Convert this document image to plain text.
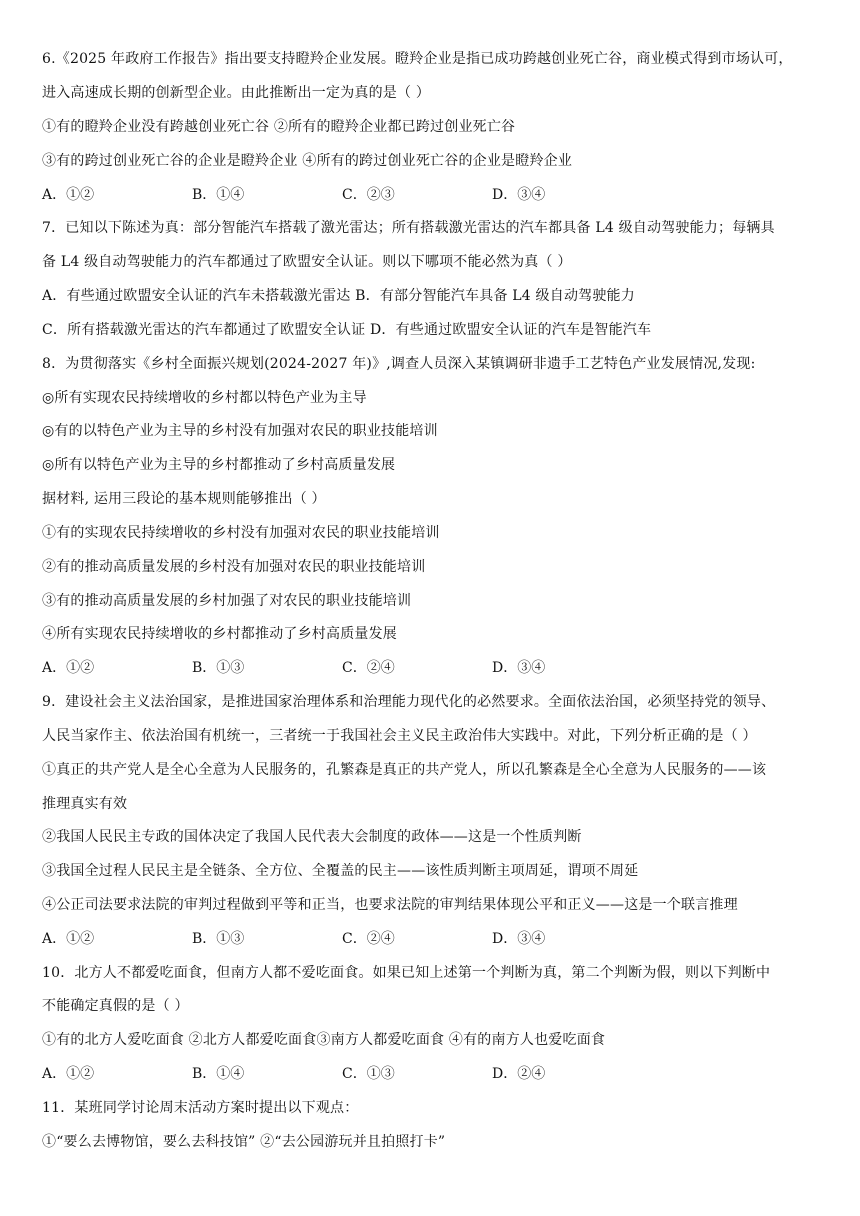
6.《2025 年政府工作报告》指出要支持瞪羚企业发展。瞪羚企业是指已成功跨越创业死亡谷，商业模式得到市场认可，
进入高速成长期的创新型企业。由此推断出一定为真的是（ ）
①有的瞪羚企业没有跨越创业死亡谷 ②所有的瞪羚企业都已跨过创业死亡谷
③有的跨过创业死亡谷的企业是瞪羚企业 ④所有的跨过创业死亡谷的企业是瞪羚企业
A．①②	B．①④	C．②③	D．③④
7．已知以下陈述为真：部分智能汽车搭载了激光雷达；所有搭载激光雷达的汽车都具备 L4 级自动驾驶能力；每辆具
备 L4 级自动驾驶能力的汽车都通过了欧盟安全认证。则以下哪项不能必然为真（ ）
A．有些通过欧盟安全认证的汽车未搭载激光雷达 B．有部分智能汽车具备 L4 级自动驾驶能力
C．所有搭载激光雷达的汽车都通过了欧盟安全认证 D．有些通过欧盟安全认证的汽车是智能汽车
8．为贯彻落实《乡村全面振兴规划(2024-2027 年)》,调查人员深入某镇调研非遗手工艺特色产业发展情况,发现:
◎所有实现农民持续增收的乡村都以特色产业为主导
◎有的以特色产业为主导的乡村没有加强对农民的职业技能培训
◎所有以特色产业为主导的乡村都推动了乡村高质量发展
据材料, 运用三段论的基本规则能够推出（ ）
①有的实现农民持续增收的乡村没有加强对农民的职业技能培训
②有的推动高质量发展的乡村没有加强对农民的职业技能培训
③有的推动高质量发展的乡村加强了对农民的职业技能培训
④所有实现农民持续增收的乡村都推动了乡村高质量发展
A．①②	B．①③	C．②④	D．③④
9．建设社会主义法治国家，是推进国家治理体系和治理能力现代化的必然要求。全面依法治国，必须坚持党的领导、
人民当家作主、依法治国有机统一，三者统一于我国社会主义民主政治伟大实践中。对此，下列分析正确的是（ ）
①真正的共产党人是全心全意为人民服务的，孔繁森是真正的共产党人，所以孔繁森是全心全意为人民服务的——该
推理真实有效
②我国人民民主专政的国体决定了我国人民代表大会制度的政体——这是一个性质判断
③我国全过程人民民主是全链条、全方位、全覆盖的民主——该性质判断主项周延，谓项不周延
④公正司法要求法院的审判过程做到平等和正当，也要求法院的审判结果体现公平和正义——这是一个联言推理
A．①②	B．①③	C．②④	D．③④
10．北方人不都爱吃面食，但南方人都不爱吃面食。如果已知上述第一个判断为真，第二个判断为假，则以下判断中
不能确定真假的是（ ）
①有的北方人爱吃面食 ②北方人都爱吃面食③南方人都爱吃面食 ④有的南方人也爱吃面食
A．①②	B．①④	C．①③	D．②④
11．某班同学讨论周末活动方案时提出以下观点：
①“要么去博物馆，要么去科技馆” ②“去公园游玩并且拍照打卡”
